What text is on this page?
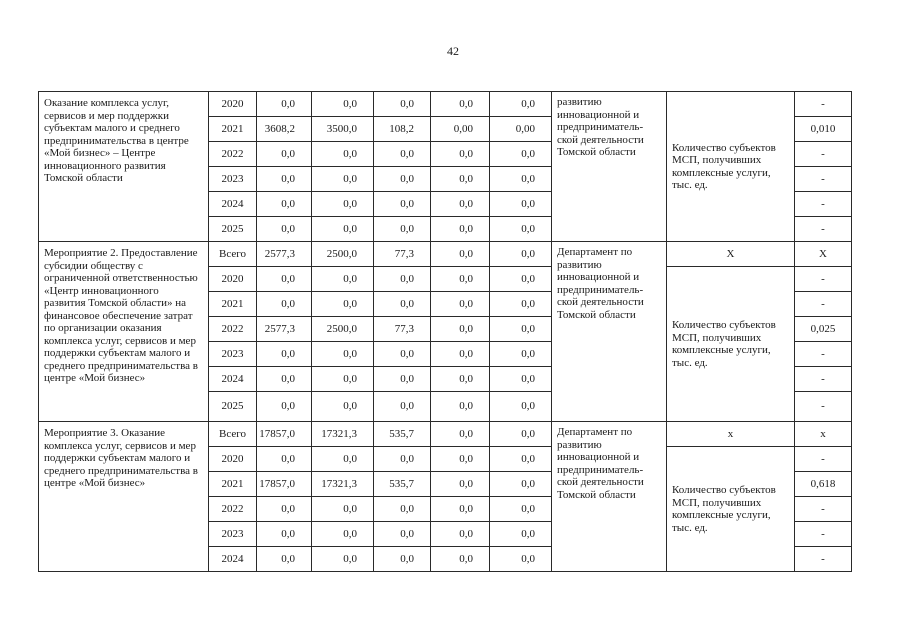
42
Оказание комплекса услуг, сервисов и мер поддержки субъектам малого и среднего предпринимательства в центре «Мой бизнес» – Центре инновационного развития Томской области	2020	0,0	0,0	0,0	0,0	0,0	развитию инновационной и предприниматель-ской деятельности Томской области	Количество субъектов МСП, получивших комплексные услуги, тыс. ед.	-
	2021	3608,2	3500,0	108,2	0,00	0,00			0,010
	2022	0,0	0,0	0,0	0,0	0,0			-
	2023	0,0	0,0	0,0	0,0	0,0			-
	2024	0,0	0,0	0,0	0,0	0,0			-
	2025	0,0	0,0	0,0	0,0	0,0			-
Мероприятие 2. Предоставление субсидии обществу с ограниченной ответственностью «Центр инновационного развития Томской области» на финансовое обеспечение затрат по организации оказания комплекса услуг, сервисов и мер поддержки субъектам малого и среднего предпринимательства в центре «Мой бизнес»	Всего	2577,3	2500,0	77,3	0,0	0,0	Департамент по развитию инновационной и предприниматель-ской деятельности Томской области	X	X
	2020	0,0	0,0	0,0	0,0	0,0		Количество субъектов МСП, получивших комплексные услуги, тыс. ед.	-
	2021	0,0	0,0	0,0	0,0	0,0			-
	2022	2577,3	2500,0	77,3	0,0	0,0			0,025
	2023	0,0	0,0	0,0	0,0	0,0			-
	2024	0,0	0,0	0,0	0,0	0,0			-
	2025	0,0	0,0	0,0	0,0	0,0			-
Мероприятие 3. Оказание комплекса услуг, сервисов и мер поддержки субъектам малого и среднего предпринимательства в центре «Мой бизнес»	Всего	17857,0	17321,3	535,7	0,0	0,0	Департамент по развитию инновационной и предприниматель-ской деятельности Томской области	x	x
	2020	0,0	0,0	0,0	0,0	0,0		Количество субъектов МСП, получивших комплексные услуги, тыс. ед.	-
	2021	17857,0	17321,3	535,7	0,0	0,0			0,618
	2022	0,0	0,0	0,0	0,0	0,0			-
	2023	0,0	0,0	0,0	0,0	0,0			-
	2024	0,0	0,0	0,0	0,0	0,0			-
